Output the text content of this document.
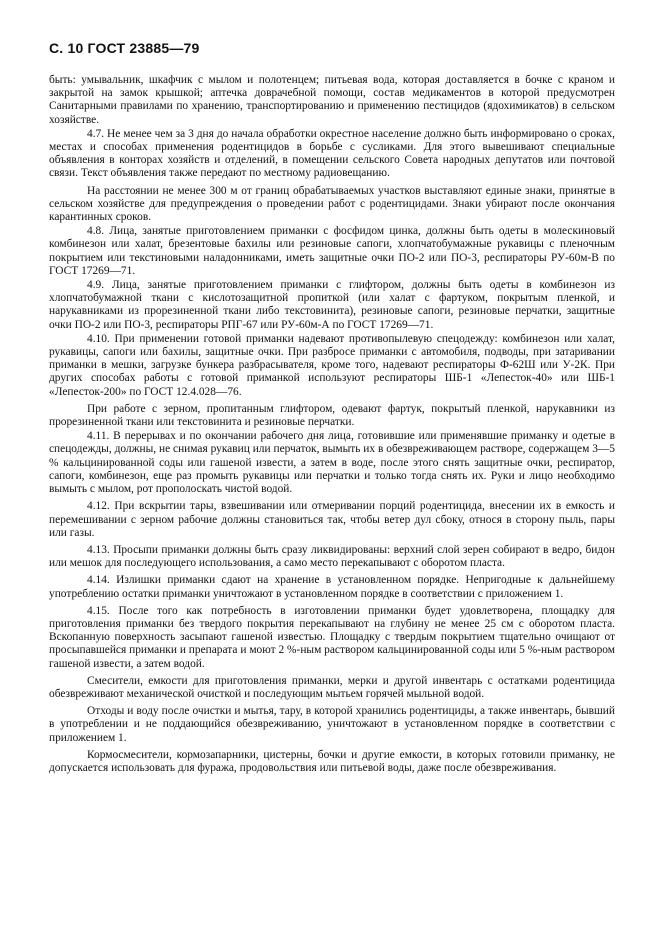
С. 10 ГОСТ 23885—79

быть: умывальник, шкафчик с мылом и полотенцем; питьевая вода, которая доставляется в бочке с краном и закрытой на замок крышкой; аптечка доврачебной помощи, состав медикаментов в которой предусмотрен Санитарными правилами по хранению, транспортированию и применению пестицидов (ядохимикатов) в сельском хозяйстве.

4.7. Не менее чем за 3 дня до начала обработки окрестное население должно быть информировано о сроках, местах и способах применения родентицидов в борьбе с сусликами. Для этого вывешивают специальные объявления в конторах хозяйств и отделений, в помещении сельского Совета народных депутатов или почтовой связи. Текст объявления также передают по местному радиовещанию.

На расстоянии не менее 300 м от границ обрабатываемых участков выставляют единые знаки, принятые в сельском хозяйстве для предупреждения о проведении работ с родентицидами. Знаки убирают после окончания карантинных сроков.

4.8. Лица, занятые приготовлением приманки с фосфидом цинка, должны быть одеты в молескиновый комбинезон или халат, брезентовые бахилы или резиновые сапоги, хлопчатобумажные рукавицы с пленочным покрытием или текстиновыми наладонниками, иметь защитные очки ПО-2 или ПО-3, респираторы РУ-60м-В по ГОСТ 17269—71.

4.9. Лица, занятые приготовлением приманки с глифтором, должны быть одеты в комбинезон из хлопчатобумажной ткани с кислотозащитной пропиткой (или халат с фартуком, покрытым пленкой, и нарукавниками из прорезиненной ткани либо текстовинита), резиновые сапоги, резиновые перчатки, защитные очки ПО-2 или ПО-3, респираторы РПГ-67 или РУ-60м-А по ГОСТ 17269—71.

4.10. При применении готовой приманки надевают противопылевую спецодежду: комбинезон или халат, рукавицы, сапоги или бахилы, защитные очки. При разбросе приманки с автомобиля, подводы, при затаривании приманки в мешки, загрузке бункера разбрасывателя, кроме того, надевают респираторы Ф-62Ш или У-2К. При других способах работы с готовой приманкой используют респираторы ШБ-1 «Лепесток-40» или ШБ-1 «Лепесток-200» по ГОСТ 12.4.028—76.

При работе с зерном, пропитанным глифтором, одевают фартук, покрытый пленкой, нарукавники из прорезиненной ткани или текстовинита и резиновые перчатки.

4.11. В перерывах и по окончании рабочего дня лица, готовившие или применявшие приманку и одетые в спецодежды, должны, не снимая рукавиц или перчаток, вымыть их в обезвреживающем растворе, содержащем 3—5 % кальцинированной соды или гашеной извести, а затем в воде, после этого снять защитные очки, респиратор, сапоги, комбинезон, еще раз промыть рукавицы или перчатки и только тогда снять их. Руки и лицо необходимо вымыть с мылом, рот прополоскать чистой водой.

4.12. При вскрытии тары, взвешивании или отмеривании порций родентицида, внесении их в емкость и перемешивании с зерном рабочие должны становиться так, чтобы ветер дул сбоку, относя в сторону пыль, пары или газы.

4.13. Просыпи приманки должны быть сразу ликвидированы: верхний слой зерен собирают в ведро, бидон или мешок для последующего использования, а само место перекапывают с оборотом пласта.

4.14. Излишки приманки сдают на хранение в установленном порядке. Непригодные к дальнейшему употреблению остатки приманки уничтожают в установленном порядке в соответствии с приложением 1.

4.15. После того как потребность в изготовлении приманки будет удовлетворена, площадку для приготовления приманки без твердого покрытия перекапывают на глубину не менее 25 см с оборотом пласта. Вскопанную поверхность засыпают гашеной известью. Площадку с твердым покрытием тщательно очищают от просыпавшейся приманки и препарата и моют 2 %-ным раствором кальцинированной соды или 5 %-ным раствором гашеной извести, а затем водой.

Смесители, емкости для приготовления приманки, мерки и другой инвентарь с остатками родентицида обезвреживают механической очисткой и последующим мытьем горячей мыльной водой.

Отходы и воду после очистки и мытья, тару, в которой хранились родентициды, а также инвентарь, бывший в употреблении и не поддающийся обезвреживанию, уничтожают в установленном порядке в соответствии с приложением 1.

Кормосмесители, кормозапарники, цистерны, бочки и другие емкости, в которых готовили приманку, не допускается использовать для фуража, продовольствия или питьевой воды, даже после обезвреживания.
